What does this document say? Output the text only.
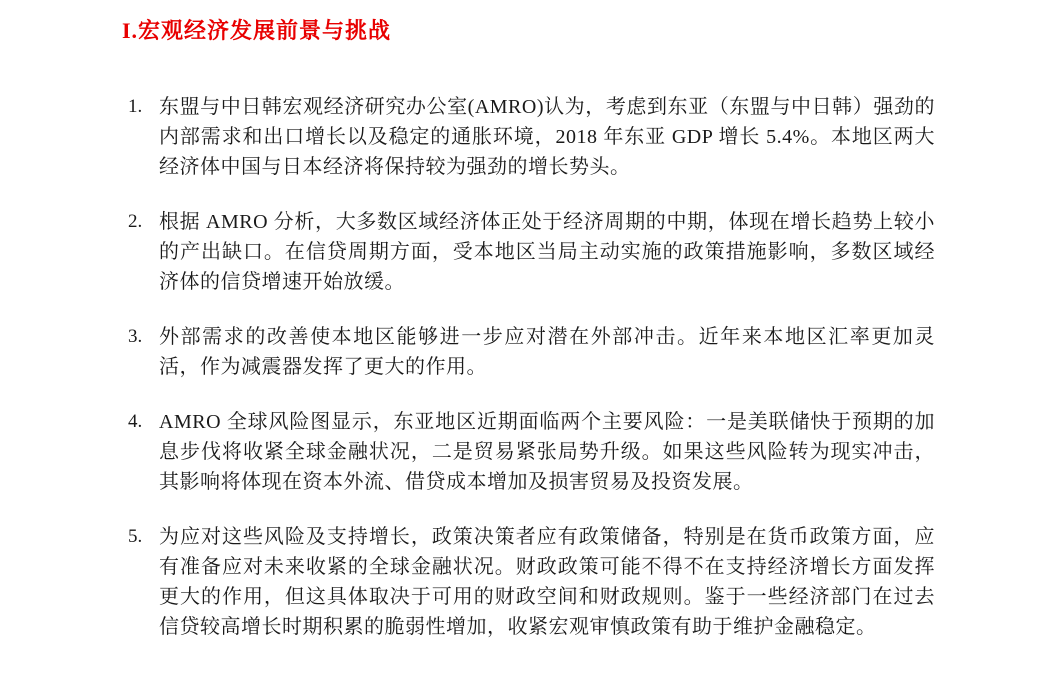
I.宏观经济发展前景与挑战
1. 东盟与中日韩宏观经济研究办公室(AMRO)认为，考虑到东亚（东盟与中日韩）强劲的内部需求和出口增长以及稳定的通胀环境，2018 年东亚 GDP 增长 5.4%。本地区两大经济体中国与日本经济将保持较为强劲的增长势头。
2. 根据 AMRO 分析，大多数区域经济体正处于经济周期的中期，体现在增长趋势上较小的产出缺口。在信贷周期方面，受本地区当局主动实施的政策措施影响，多数区域经济体的信贷增速开始放缓。
3. 外部需求的改善使本地区能够进一步应对潜在外部冲击。近年来本地区汇率更加灵活，作为减震器发挥了更大的作用。
4. AMRO 全球风险图显示，东亚地区近期面临两个主要风险：一是美联储快于预期的加息步伐将收紧全球金融状况，二是贸易紧张局势升级。如果这些风险转为现实冲击，其影响将体现在资本外流、借贷成本增加及损害贸易及投资发展。
5. 为应对这些风险及支持增长，政策决策者应有政策储备，特别是在货币政策方面，应有准备应对未来收紧的全球金融状况。财政政策可能不得不在支持经济增长方面发挥更大的作用，但这具体取决于可用的财政空间和财政规则。鉴于一些经济部门在过去信贷较高增长时期积累的脆弱性增加，收紧宏观审慎政策有助于维护金融稳定。
